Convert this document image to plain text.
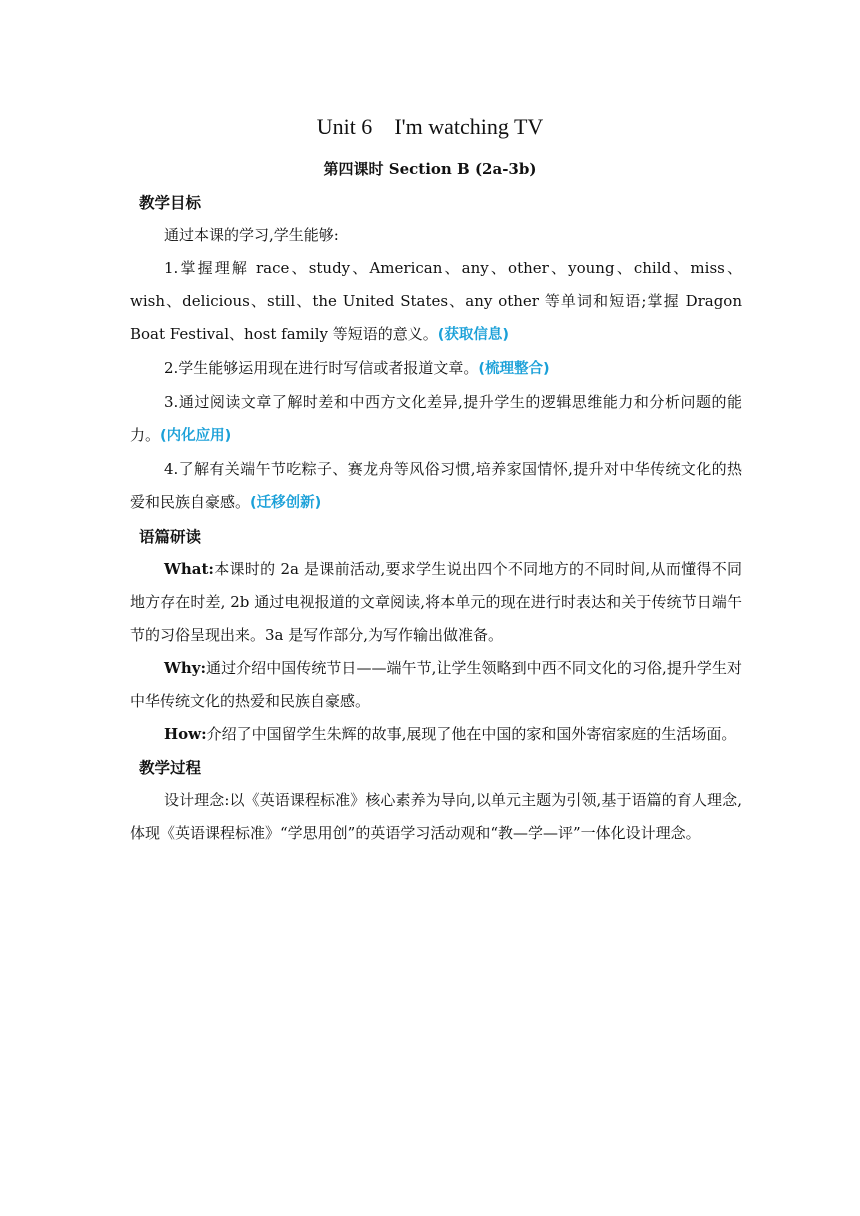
Unit 6 I'm watching TV
第四课时 Section B (2a-3b)
教学目标
通过本课的学习,学生能够:
1.掌握理解 race、study、American、any、other、young、child、miss、wish、delicious、still、the United States、any other 等单词和短语;掌握 Dragon Boat Festival、host family 等短语的意义。(获取信息)
2.学生能够运用现在进行时写信或者报道文章。(梳理整合)
3.通过阅读文章了解时差和中西方文化差异,提升学生的逻辑思维能力和分析问题的能力。(内化应用)
4.了解有关端午节吃粽子、赛龙舟等风俗习惯,培养家国情怀,提升对中华传统文化的热爱和民族自豪感。(迁移创新)
语篇研读
What:本课时的 2a 是课前活动,要求学生说出四个不同地方的不同时间,从而懂得不同地方存在时差, 2b 通过电视报道的文章阅读,将本单元的现在进行时表达和关于传统节日端午节的习俗呈现出来。3a 是写作部分,为写作输出做准备。
Why:通过介绍中国传统节日——端午节,让学生领略到中西不同文化的习俗,提升学生对中华传统文化的热爱和民族自豪感。
How:介绍了中国留学生朱辉的故事,展现了他在中国的家和国外寄宿家庭的生活场面。
教学过程
设计理念:以《英语课程标准》核心素养为导向,以单元主题为引领,基于语篇的育人理念,体现《英语课程标准》“学思用创”的英语学习活动观和“教—学—评”一体化设计理念。
